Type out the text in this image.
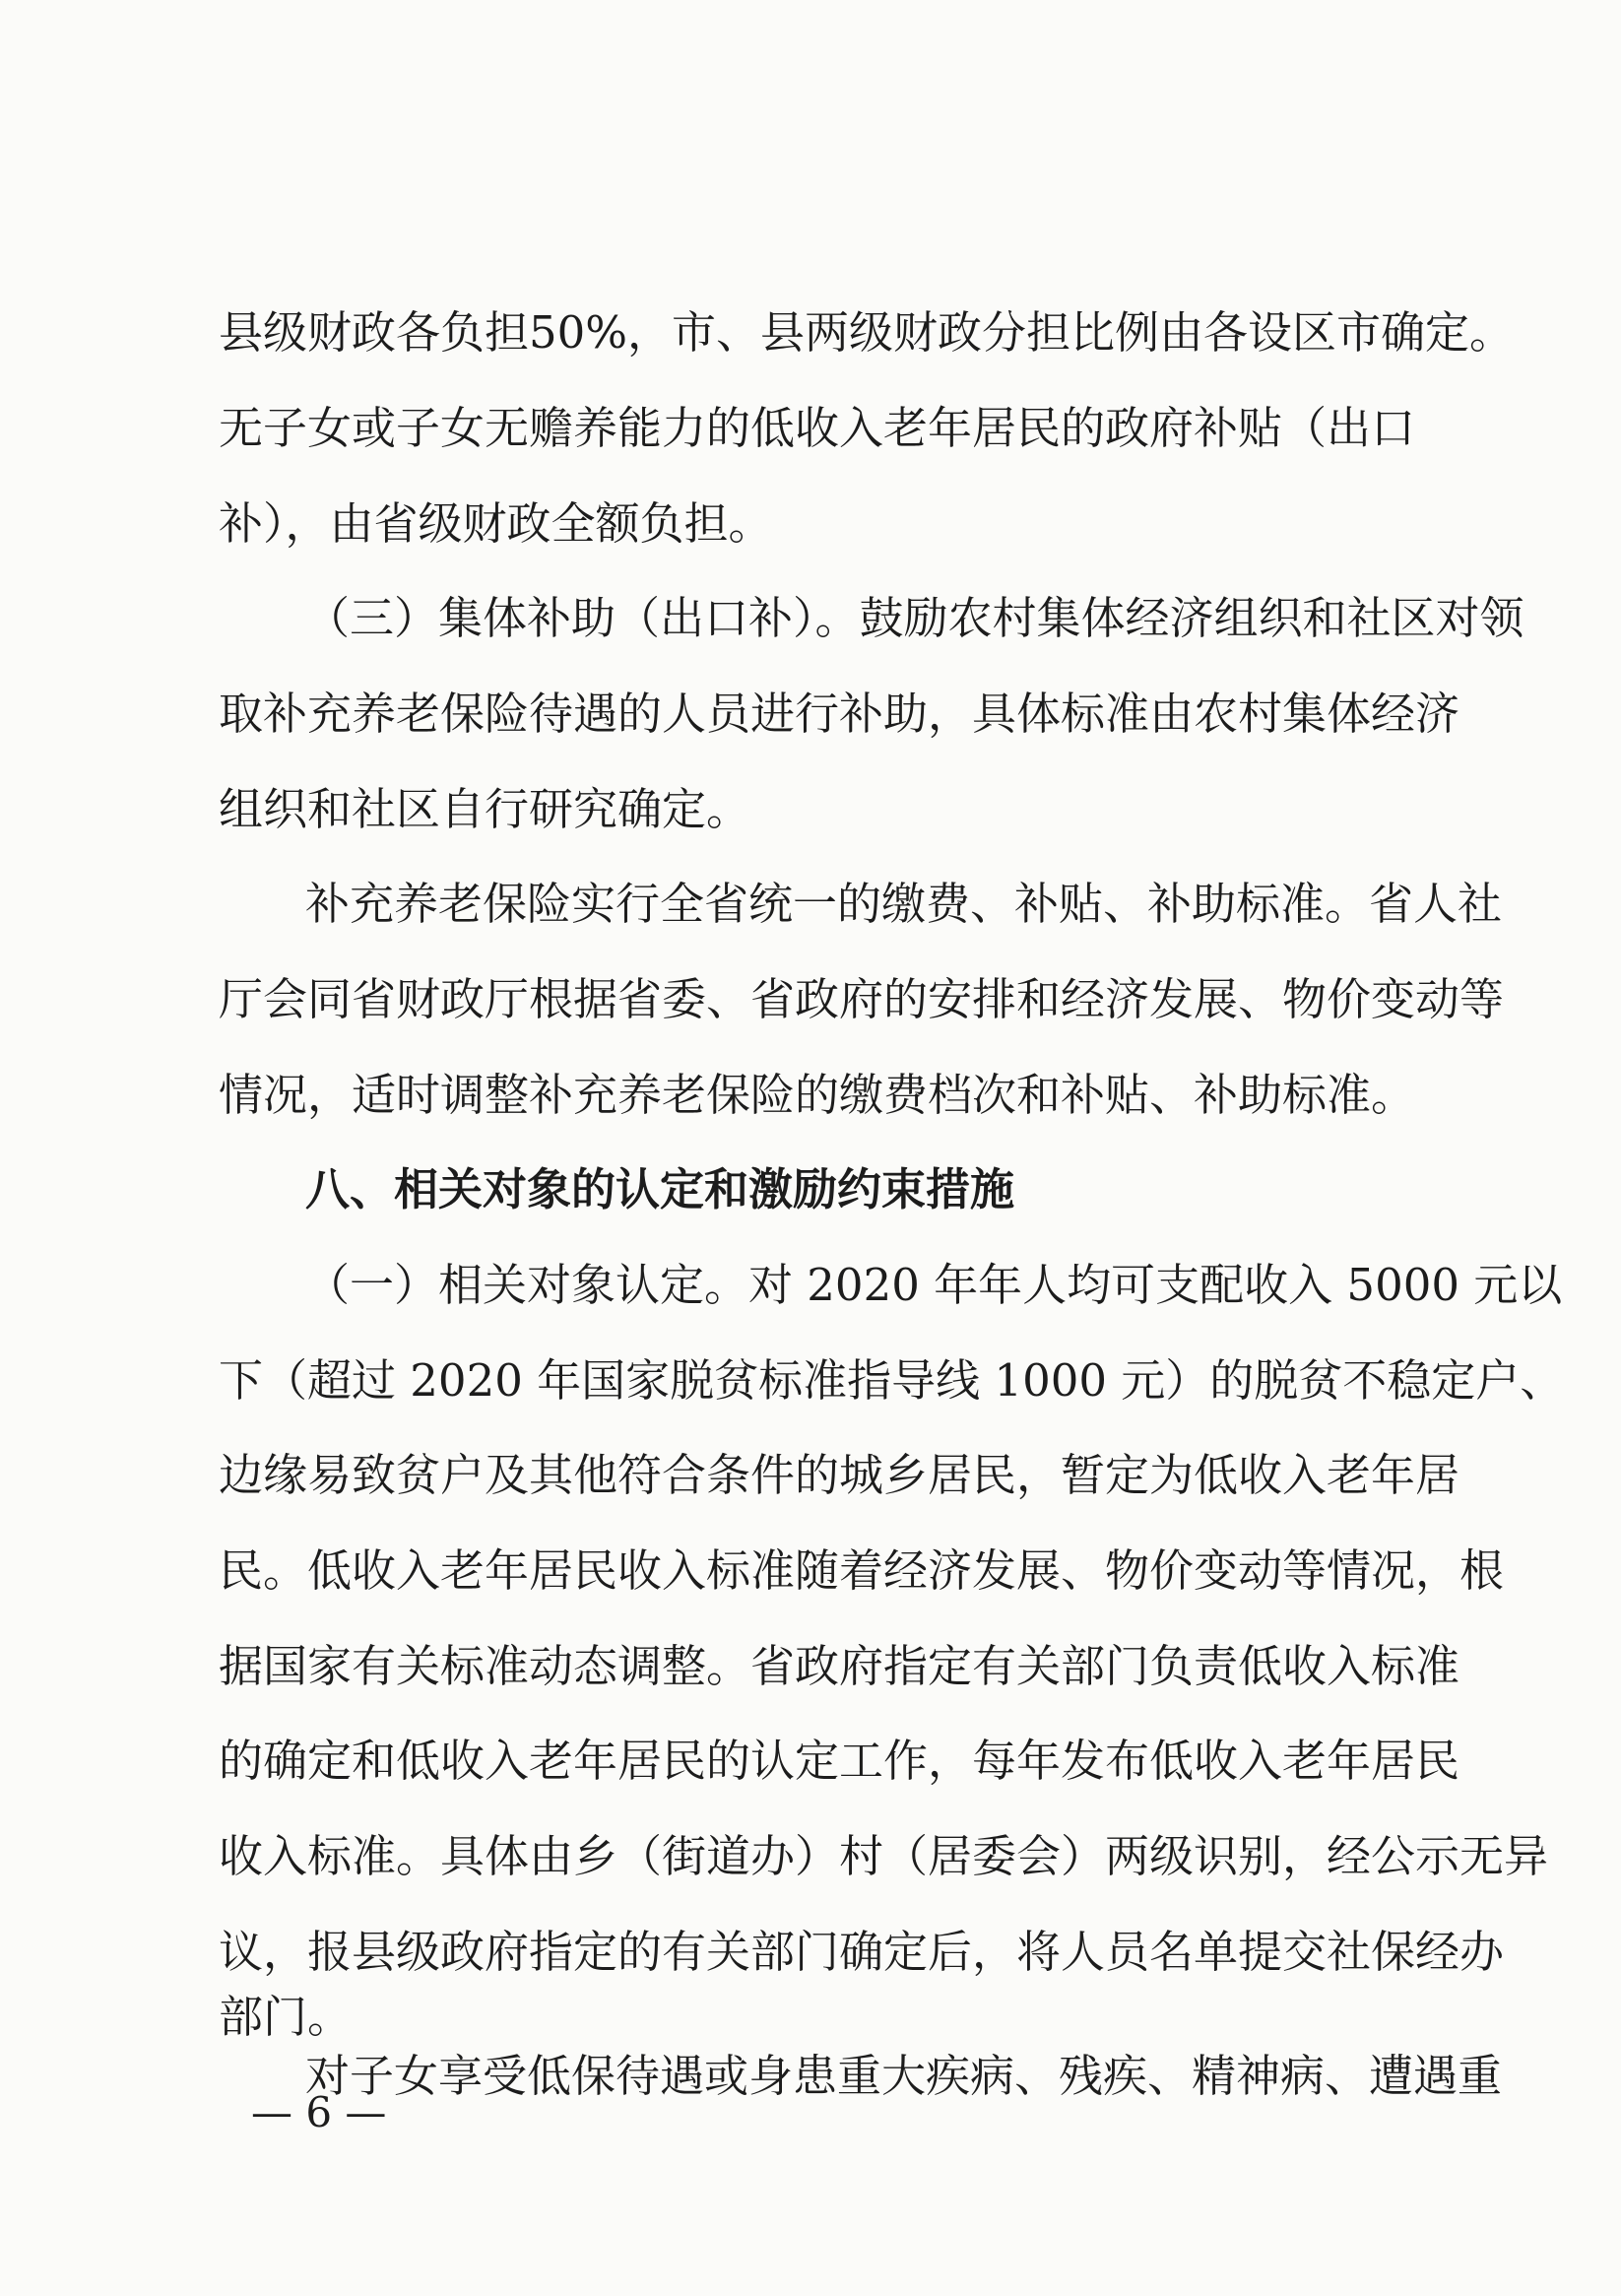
县级财政各负担50%，市、县两级财政分担比例由各设区市确定。
无子女或子女无赡养能力的低收入老年居民的政府补贴（出口
补），由省级财政全额负担。
（三）集体补助（出口补）。鼓励农村集体经济组织和社区对领
取补充养老保险待遇的人员进行补助，具体标准由农村集体经济
组织和社区自行研究确定。
补充养老保险实行全省统一的缴费、补贴、补助标准。省人社
厅会同省财政厅根据省委、省政府的安排和经济发展、物价变动等
情况，适时调整补充养老保险的缴费档次和补贴、补助标准。
八、相关对象的认定和激励约束措施
（一）相关对象认定。对 2020 年年人均可支配收入 5000 元以
下（超过 2020 年国家脱贫标准指导线 1000 元）的脱贫不稳定户、
边缘易致贫户及其他符合条件的城乡居民，暂定为低收入老年居
民。低收入老年居民收入标准随着经济发展、物价变动等情况，根
据国家有关标准动态调整。省政府指定有关部门负责低收入标准
的确定和低收入老年居民的认定工作，每年发布低收入老年居民
收入标准。具体由乡（街道办）村（居委会）两级识别，经公示无异
议，报县级政府指定的有关部门确定后，将人员名单提交社保经办
部门。
对子女享受低保待遇或身患重大疾病、残疾、精神病、遭遇重
— 6 —
